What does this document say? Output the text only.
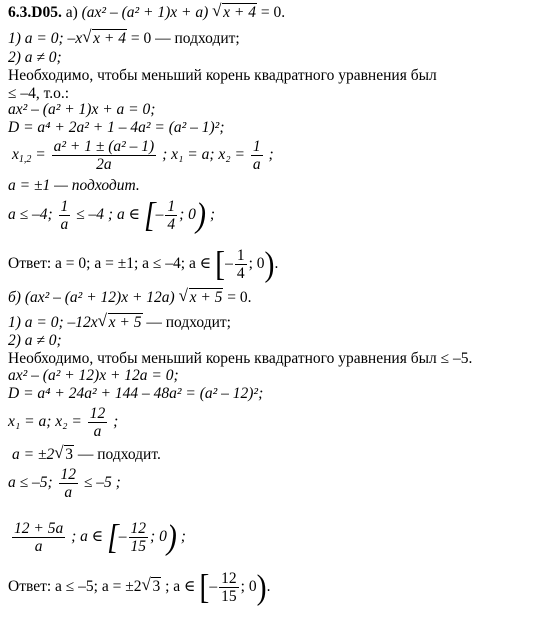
6.3.D05. а) (ax² – (a² + 1)x + a) √ x + 4 = 0.
1) a = 0; –x √ x + 4 = 0 — подходит;
2) a ≠ 0;
Необходимо, чтобы меньший корень квадратного уравнения был
≤ –4, т.о.:
ax² – (a² + 1)x + a = 0;
D = a⁴ + 2a² + 1 – 4a² = (a² – 1)²;
$x_{1,2} = \frac{\text{a² + 1 ± (a² – 1)}}{2a}$ ; x₁ = a; $x_2 = \frac{1}{a}$ ;
a = ±1 — подходит.
a ≤ –4; $\frac{1}{a} \le -4$ ; a ∈ [– $\frac{1}{4}$ ; 0) ;
Ответ: a = 0; a = ±1; a ≤ –4; a ∈ [– $\frac{1}{4}$ ; 0).
б) (ax² – (a² + 12)x + 12a) √ x + 5 = 0.
1) a = 0; –12x √ x + 5 — подходит;
2) a ≠ 0;
Необходимо, чтобы меньший корень квадратного уравнения был ≤ –5.
ax² – (a² + 12)x + 12a = 0;
D = a⁴ + 24a² + 144 – 48a² = (a² – 12)²;
x₁ = a; $x_2 = \frac{12}{a}$ ;
a = ±2 √ 3 — подходит.
a ≤ –5; $\frac{12}{a} \le -5$ ;
$\frac{12 + 5a}{a}$ ; a ∈ [– $\frac{12}{15}$ ; 0) ;
Ответ: a ≤ –5; a = ±2 √ 3 ; a ∈ [– $\frac{12}{15}$ ; 0).
